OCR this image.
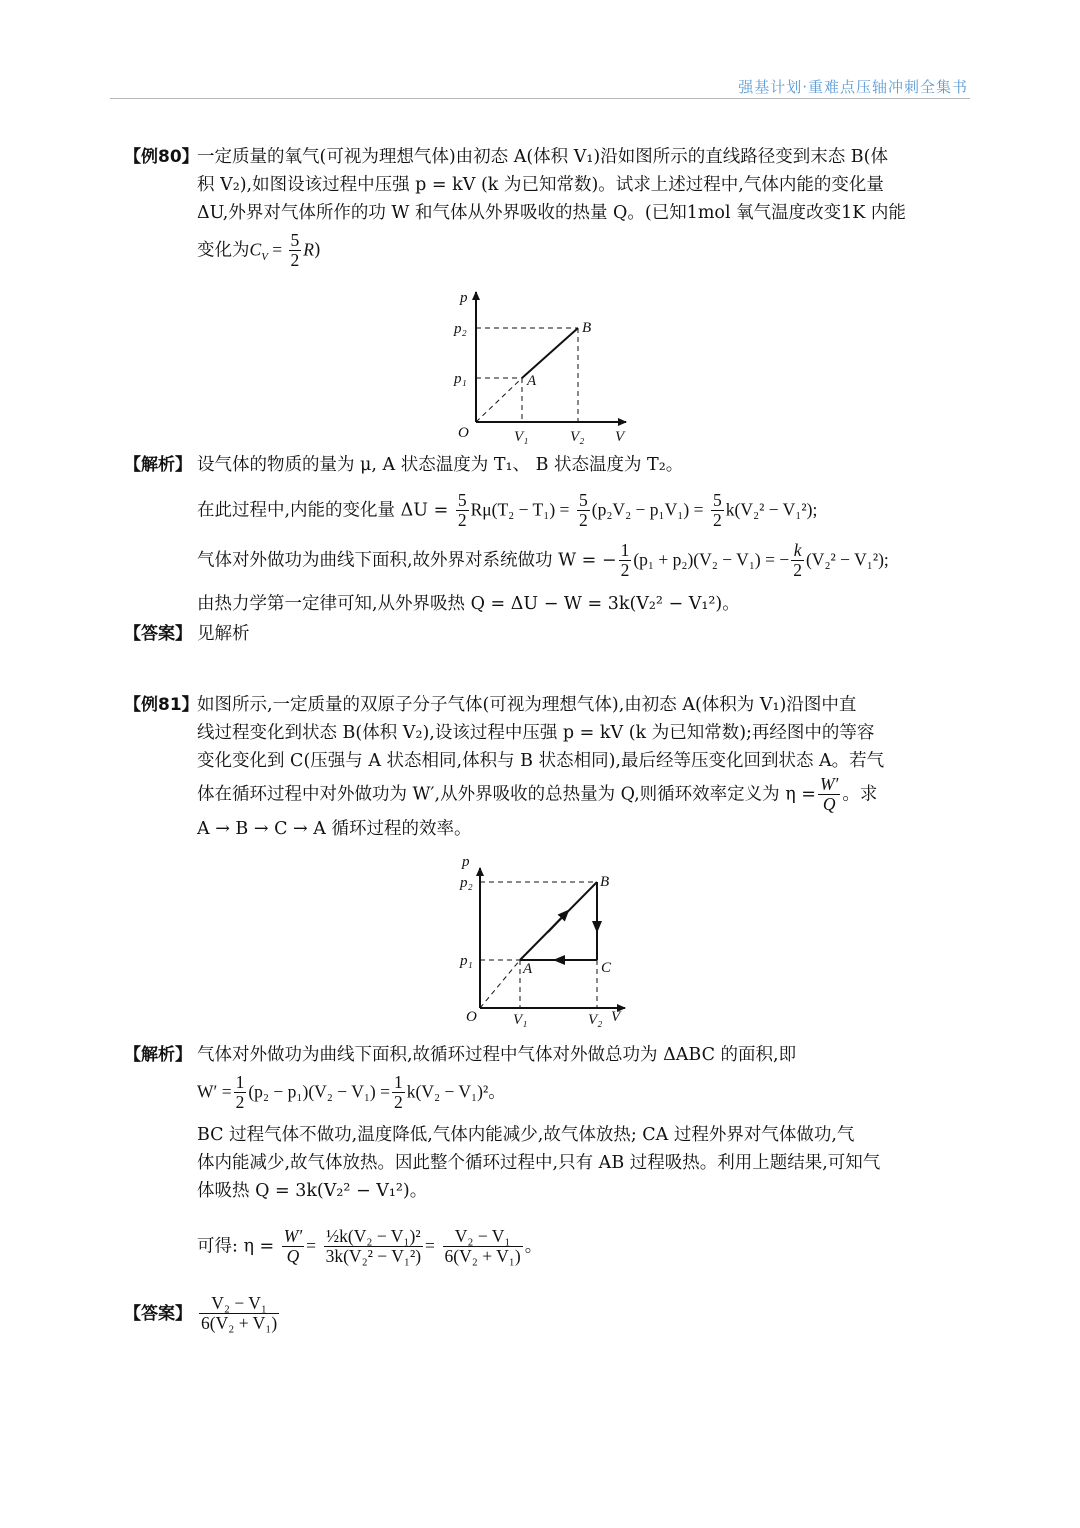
强基计划·重难点压轴冲刺全集书
【例80】

一定质量的氧气(可视为理想气体)由初态 A(体积 V₁)沿如图所示的直线路径变到末态 B(体

积 V₂),如图设该过程中压强 p = kV (k 为已知常数)。试求上述过程中,气体内能的变化量

ΔU,外界对气体所作的功 W 和气体从外界吸收的热量 Q。(已知1mol 氧气温度改变1K 内能

变化为$C_V = \frac{5}{2} R$)

p
p₂
p₁
O	V₁	V₂ V
A
B
【解析】 设气体的物质的量为 μ, A 状态温度为 T₁、 B 状态温度为 T₂。

在此过程中,内能的变化量 $\Delta U = \frac{5}{2} R\mu(T_2 - T_1) = \frac{5}{2} (p_2V_2 - p_1V_1) = \frac{5}{2} k(V_2^2 - V_1^2)$;

气体对外做功为曲线下面积,故外界对系统做功 W = − $\frac{1}{2} (p_1 + p_2)(V_2 - V_1)$ = − $\frac{k}{2} (V_2^2 - V_1^2)$;

由热力学第一定律可知,从外界吸热 Q = ΔU − W = 3k(V₂² − V₁²)。

【答案】 见解析

【例81】

如图所示,一定质量的双原子分子气体(可视为理想气体),由初态 A(体积为 V₁)沿图中直

线过程变化到状态 B(体积 V₂),设该过程中压强 p = kV (k 为已知常数);再经图中的等容

变化变化到 C(压强与 A 状态相同,体积与 B 状态相同),最后经等压变化回到状态 A。若气

体在循环过程中对外做功为 W′,从外界吸收的总热量为 Q,则循环效率定义为 $\eta = \frac{W'}{Q}$ 。求

A → B → C → A 循环过程的效率。

p
p₂
p₁
O V₁	V₂ V
A
B
C
【解析】 气体对外做功为曲线下面积,故循环过程中气体对外做总功为 ΔABC 的面积,即

$W' = \frac{1}{2} (p_2 - p_1)(V_2 - V_1) = \frac{1}{2} k(V_2 - V_1)^2$。

BC 过程气体不做功,温度降低,气体内能减少,故气体放热; CA 过程外界对气体做功,气

体内能减少,故气体放热。因此整个循环过程中,只有 AB 过程吸热。利用上题结果,可知气

体吸热 Q = 3k(V₂² − V₁²)。

可得: $\eta = \frac{W'}{Q} = \frac{\text{½k(V₂ − V₁)²}}{\text{3k(V₂² − V₁²)}} = \frac{\text{V₂ − V₁}}{\text{6(V₂ + V₁)}}$ 。

【答案】 $\frac{\text{V₂ − V₁}}{\text{6(V₂ + V₁)}}$
